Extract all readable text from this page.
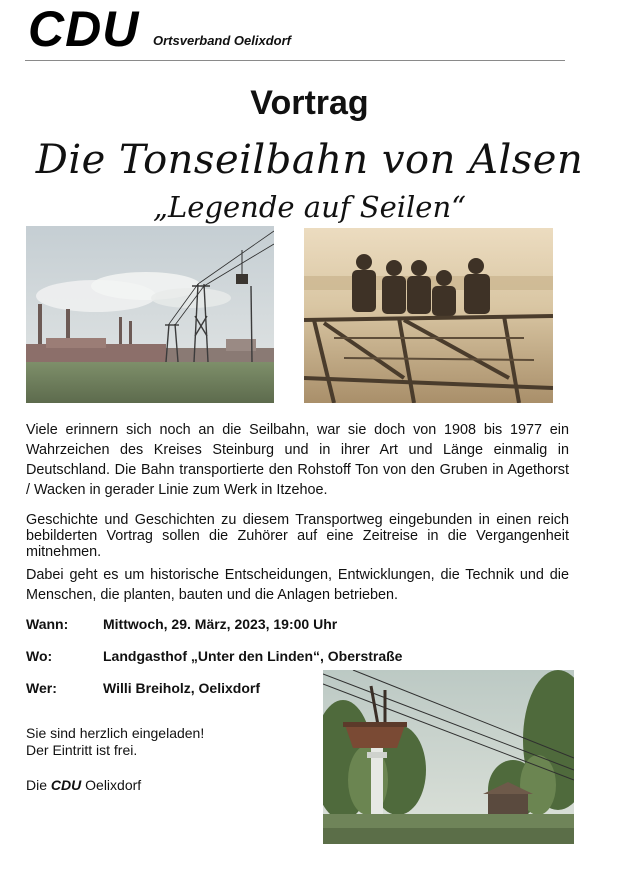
CDU Ortsverband Oelixdorf
Vortrag
Die Tonseilbahn von Alsen
„Legende auf Seilen“
Viele erinnern sich noch an die Seilbahn, war sie doch von 1908 bis 1977 ein Wahrzeichen des Kreises Steinburg und in ihrer Art und Länge einmalig in Deutschland. Die Bahn transportierte den Rohstoff Ton von den Gruben in Agethorst / Wacken in gerader Linie zum Werk in Itzehoe.
Geschichte und Geschichten zu diesem Transportweg eingebunden in einen reich bebilderten Vortrag sollen die Zuhörer auf eine Zeitreise in die Vergangenheit mitnehmen.
Dabei geht es um historische Entscheidungen, Entwicklungen, die Technik und die Menschen, die planten, bauten und die Anlagen betrieben.
Wann: Mittwoch, 29. März, 2023, 19:00 Uhr
Wo:	Landgasthof „Unter den Linden“, Oberstraße
Wer:	Willi Breiholz, Oelixdorf
Sie sind herzlich eingeladen!
Der Eintritt ist frei.
Die CDU Oelixdorf
